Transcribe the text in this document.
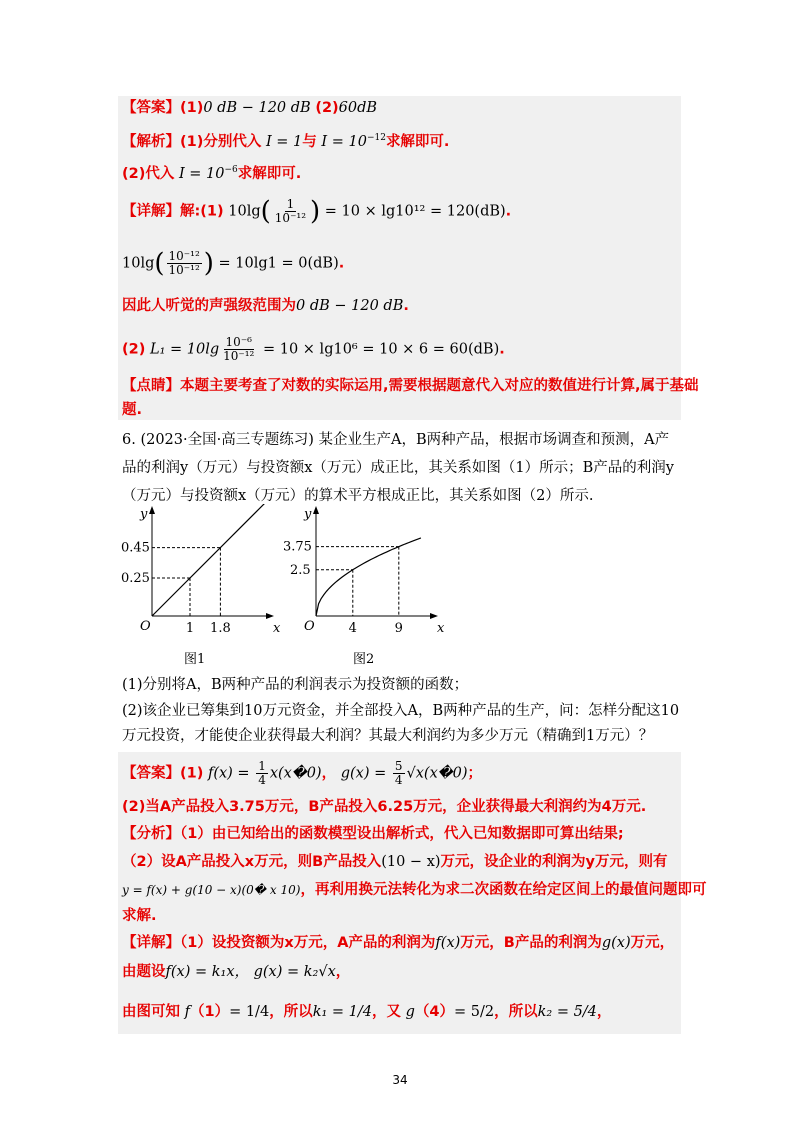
【答案】(1)0 dB − 120 dB (2)60dB
【解析】(1)分别代入 I = 1与 $I = 10^{-12}$求解即可.
(2)代入 $I = 10^{-6}$求解即可.
【详解】解:(1) $10\lg( \frac{1}{\text{10⁻¹²}}$ ) = 10 × lg10¹² = 120(dB).
$10\lg( \frac{\text{10⁻¹²}}{\text{10⁻¹²}}$ ) = 10lg1 = 0(dB).
因此人听觉的声强级范围为0 dB − 120 dB.
(2) $L_1 = 10\lg \frac{\text{10⁻⁶}}{\text{10⁻¹²}} = 10 \times \lg 10^6 = 10 \times 6 = 60(dB)$.
【点睛】本题主要考查了对数的实际运用,需要根据题意代入对应的数值进行计算,属于基础
题.
6. (2023·全国·高三专题练习) 某企业生产A，B两种产品，根据市场调查和预测，A产
品的利润y（万元）与投资额x（万元）成正比，其关系如图（1）所示；B产品的利润y
（万元）与投资额x（万元）的算术平方根成正比，其关系如图（2）所示.
y
x
O
0.45
0.25
1 1.8
图1
y
x
O
3.75
2.5
4	9
图2
(1)分别将A，B两种产品的利润表示为投资额的函数；
(2)该企业已筹集到10万元资金，并全部投入A，B两种产品的生产，问：怎样分配这10
万元投资，才能使企业获得最大利润？其最大利润约为多少万元（精确到1万元）？
【答案】(1) $f(x) = \frac{1}{4}$ x(x�0)， $g(x) = \frac{5}{4}$ √x(x�0)；
(2)当A产品投入3.75万元，B产品投入6.25万元，企业获得最大利润约为4万元.
【分析】（1）由已知给出的函数模型设出解析式，代入已知数据即可算出结果;
（2）设A产品投入x万元，则B产品投入(10 − x)万元，设企业的利润为y万元，则有
y = f(x) + g(10 − x)(0� x 10)，再利用换元法转化为求二次函数在给定区间上的最值问题即可
求解.
【详解】（1）设投资额为x万元，A产品的利润为f(x)万元，B产品的利润为g(x)万元，
由题设f(x) = k₁x， g(x) = k₂√x，
由图可知 f（1）= 1/4，所以k₁ = 1/4，又 g（4）= 5/2，所以k₂ = 5/4，
34
